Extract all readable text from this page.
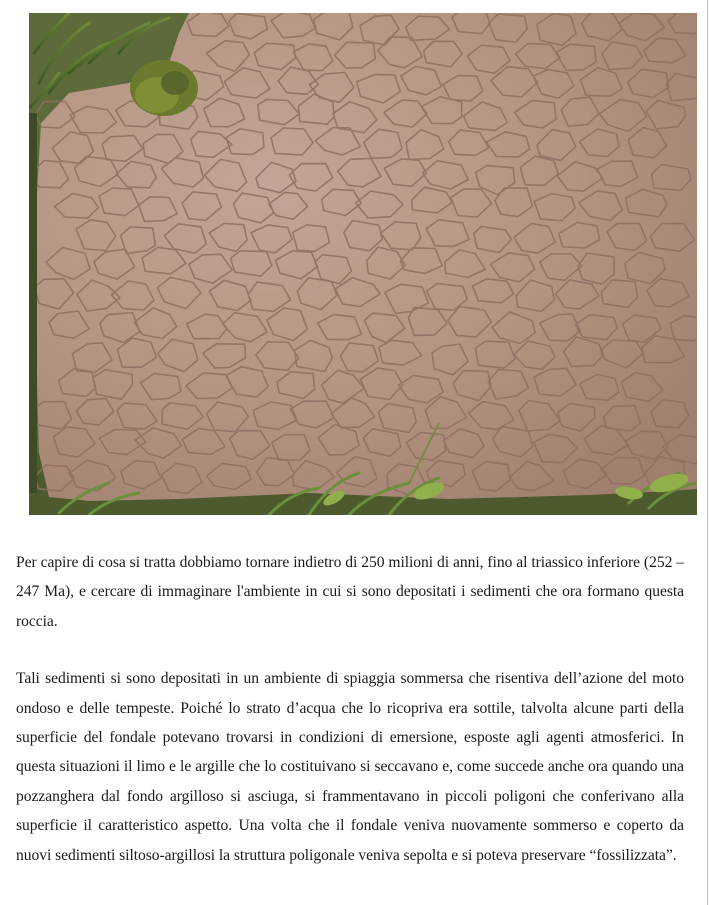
Per capire di cosa si tratta dobbiamo tornare indietro di 250 milioni di anni, fino al triassico inferiore (252 – 247 Ma), e cercare di immaginare l'ambiente in cui si sono depositati i sedimenti che ora formano questa roccia.

Tali sedimenti si sono depositati in un ambiente di spiaggia sommersa che risentiva dell’azione del moto ondoso e delle tempeste. Poiché lo strato d’acqua che lo ricopriva era sottile, talvolta alcune parti della superficie del fondale potevano trovarsi in condizioni di emersione, esposte agli agenti atmosferici. In questa situazioni il limo e le argille che lo costituivano si seccavano e, come succede anche ora quando una pozzanghera dal fondo argilloso si asciuga, si frammentavano in piccoli poligoni che conferivano alla superficie il caratteristico aspetto. Una volta che il fondale veniva nuovamente sommerso e coperto da nuovi sedimenti siltoso-argillosi la struttura poligonale veniva sepolta e si poteva preservare “fossilizzata”.
